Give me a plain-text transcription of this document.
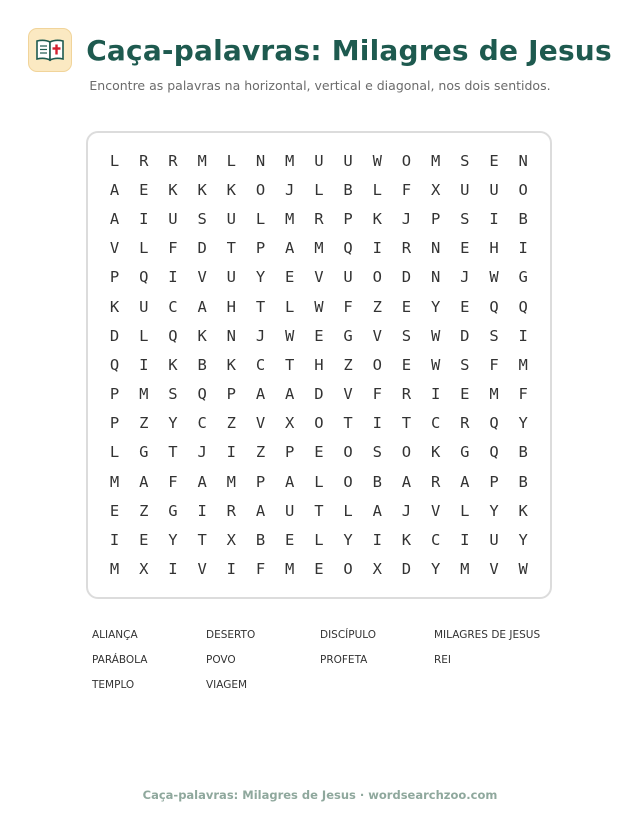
Caça-palavras: Milagres de Jesus
Encontre as palavras na horizontal, vertical e diagonal, nos dois sentidos.
L	R	R	M	L	N	M	U	U	W	O	M	S	E	N
A	E	K	K	K	O	J	L	B	L	F	X	U	U	O
A	I	U	S	U	L	M	R	P	K	J	P	S	I	B
V	L	F	D	T	P	A	M	Q	I	R	N	E	H	I
P	Q	I	V	U	Y	E	V	U	O	D	N	J	W	G
K	U	C	A	H	T	L	W	F	Z	E	Y	E	Q	Q
D	L	Q	K	N	J	W	E	G	V	S	W	D	S	I
Q	I	K	B	K	C	T	H	Z	O	E	W	S	F	M
P	M	S	Q	P	A	A	D	V	F	R	I	E	M	F
P	Z	Y	C	Z	V	X	O	T	I	T	C	R	Q	Y
L	G	T	J	I	Z	P	E	O	S	O	K	G	Q	B
M	A	F	A	M	P	A	L	O	B	A	R	A	P	B
E	Z	G	I	R	A	U	T	L	A	J	V	L	Y	K
I	E	Y	T	X	B	E	L	Y	I	K	C	I	U	Y
M	X	I	V	I	F	M	E	O	X	D	Y	M	V	W
ALIANÇA	DESERTO	DISCÍPULO	MILAGRES DE JESUS
PARÁBOLA	POVO	PROFETA	REI
TEMPLO	VIAGEM
Caça-palavras: Milagres de Jesus · wordsearchzoo.com
